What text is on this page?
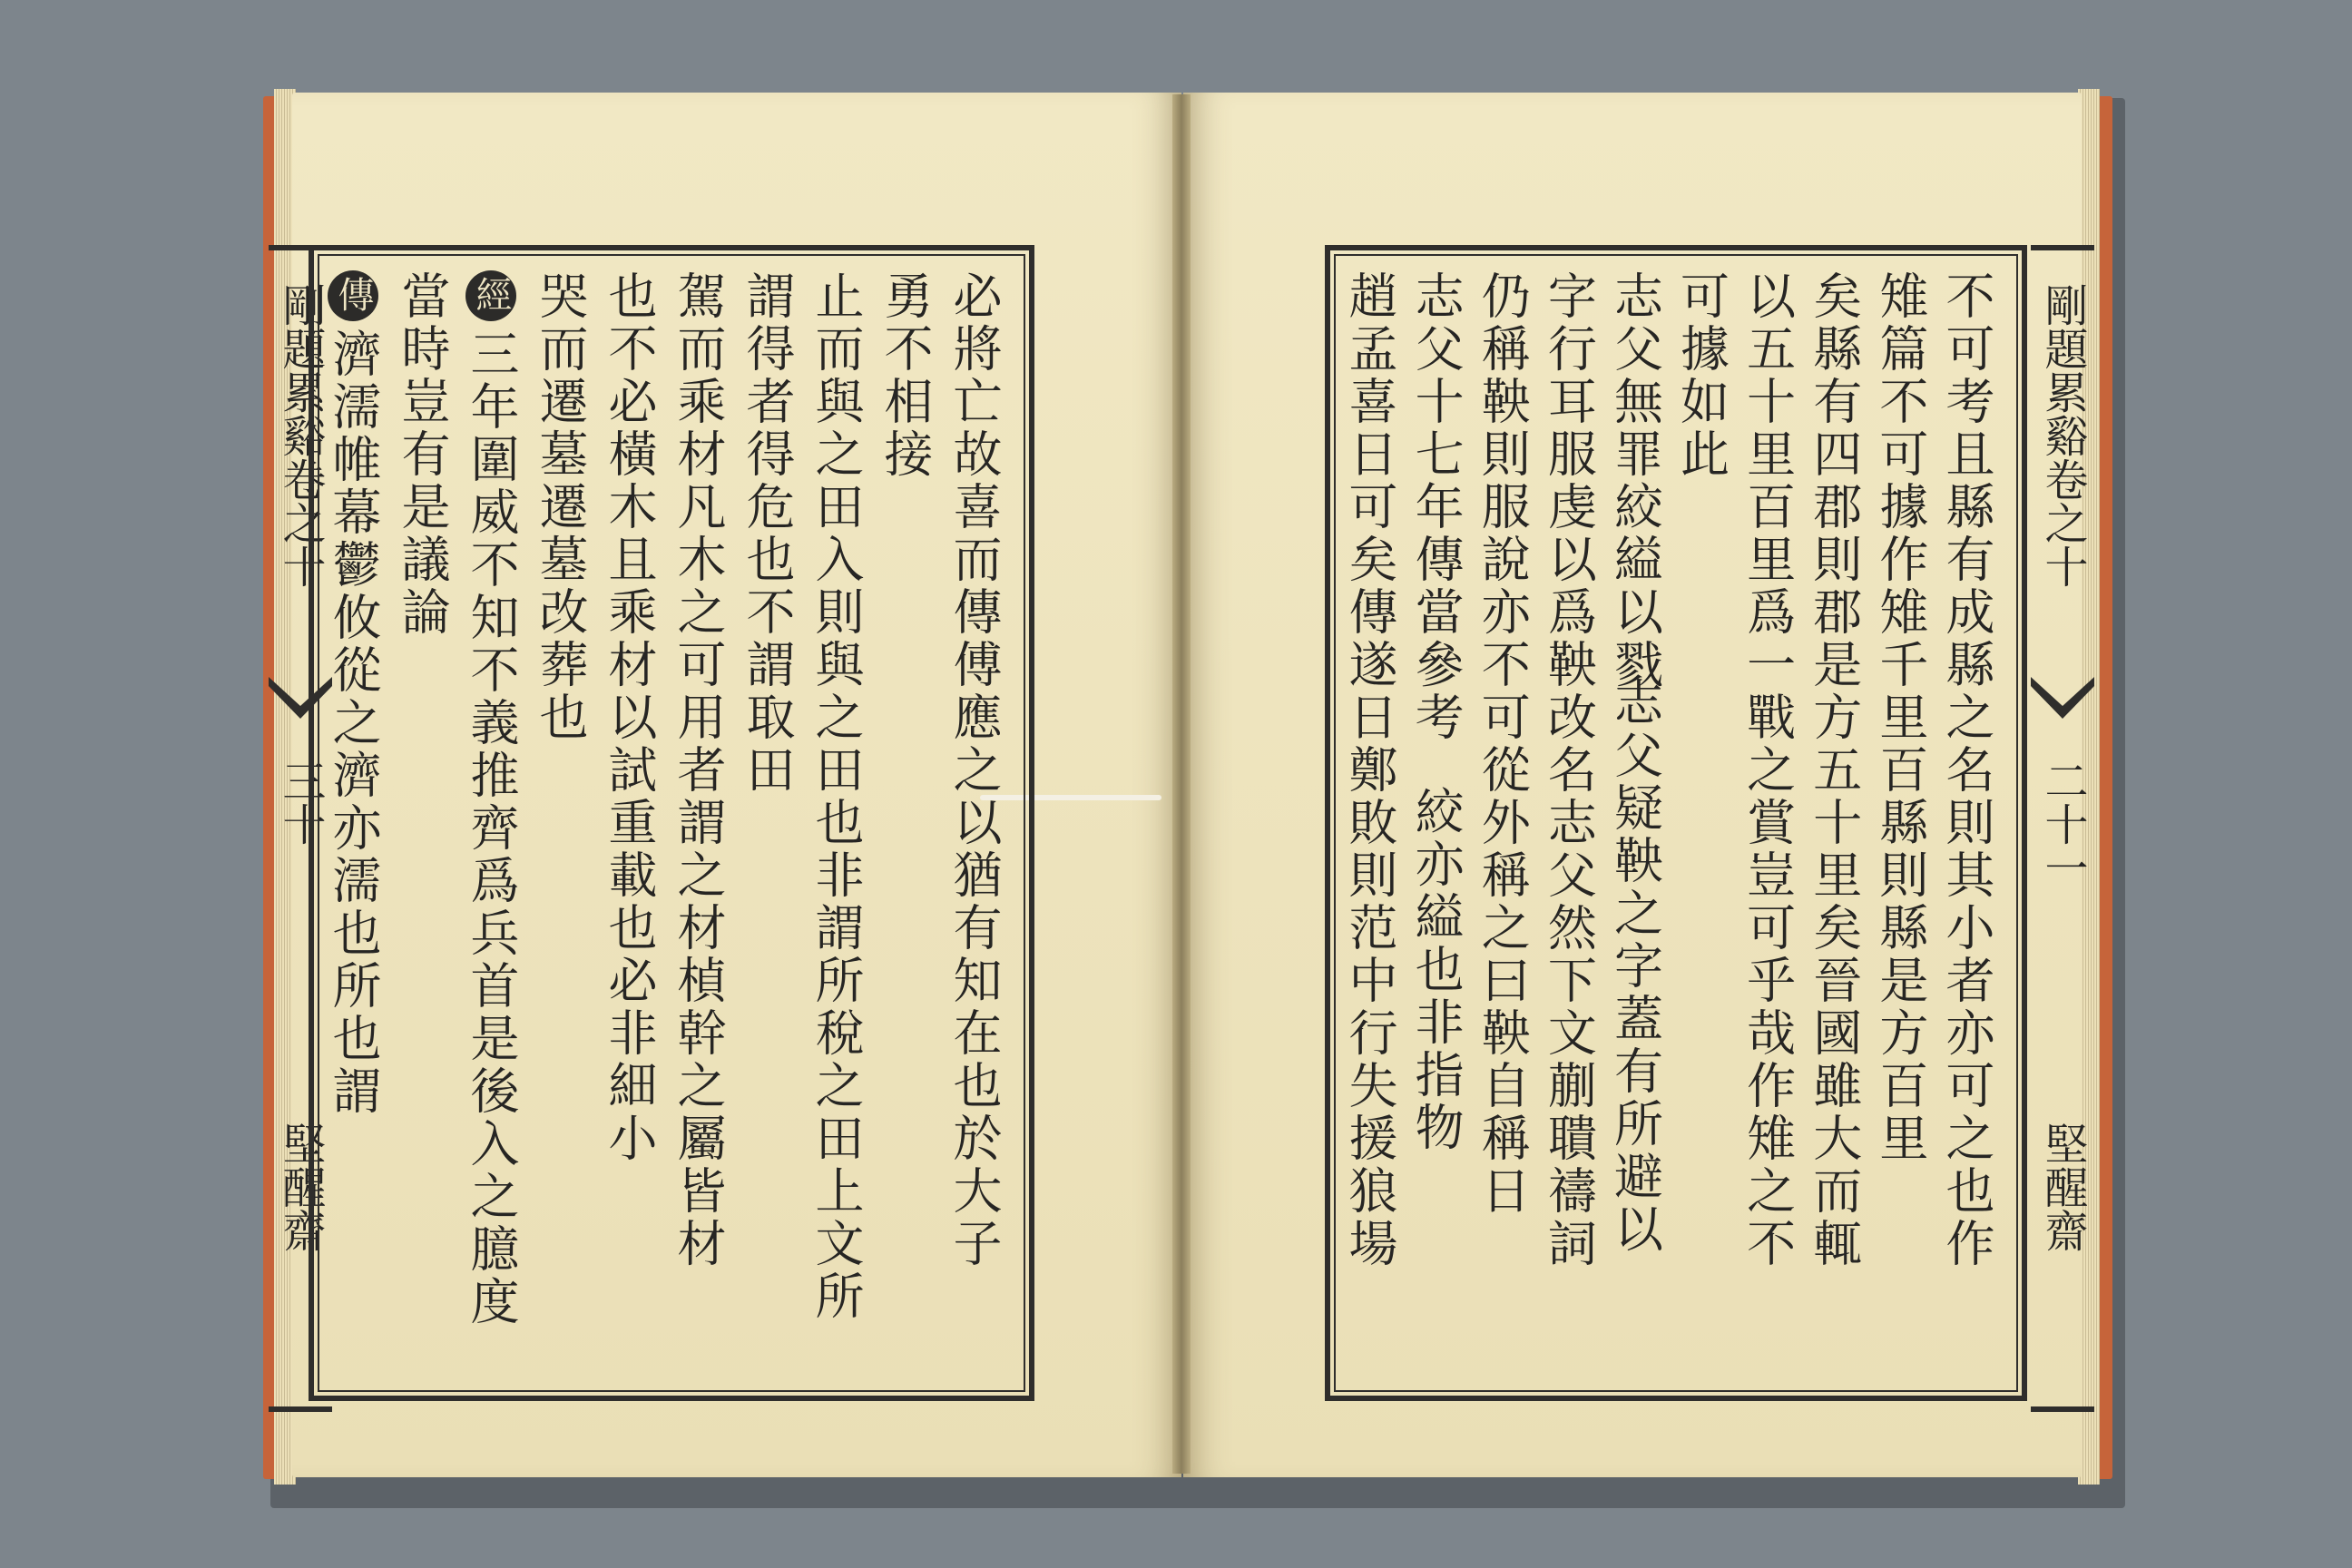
剛題累谿卷之十
三十
堅醒齋	必將亡故喜而傳傅應之以猶有知在也於大子
勇不相接
止而與之田入則與之田也非謂所稅之田上文所
謂得者得危也不謂取田
駕而乘材凡木之可用者謂之材楨幹之屬皆材
也不必橫木且乘材以試重載也必非細小
哭而遷墓遷墓改葬也
經三年圍威不知不義推齊爲兵首是後入之臆度
當時豈有是議論
傳濟濡帷幕鬱攸從之濟亦濡也所也謂	剛題累谿卷之十
二十一
堅醒齋
不可考且縣有成縣之名則其小者亦可之也作
雉篇不可據作雉千里百縣則縣是方百里
矣縣有四郡則郡是方五十里矣晉國雖大而輒
以五十里百里爲一戰之賞豈可乎哉作雉之不
可據如此
志父無罪絞縊以戮
字行耳服虔以爲鞅改名志父然下文蒯聵禱詞
仍稱鞅則服說亦不可從外稱之曰鞅自稱日
志父十七年傳當參考
趙孟喜日可矣傳遂日鄭敗則范中行失援狼場	志父疑鞅之字蓋有所避以
絞亦縊也非指物
